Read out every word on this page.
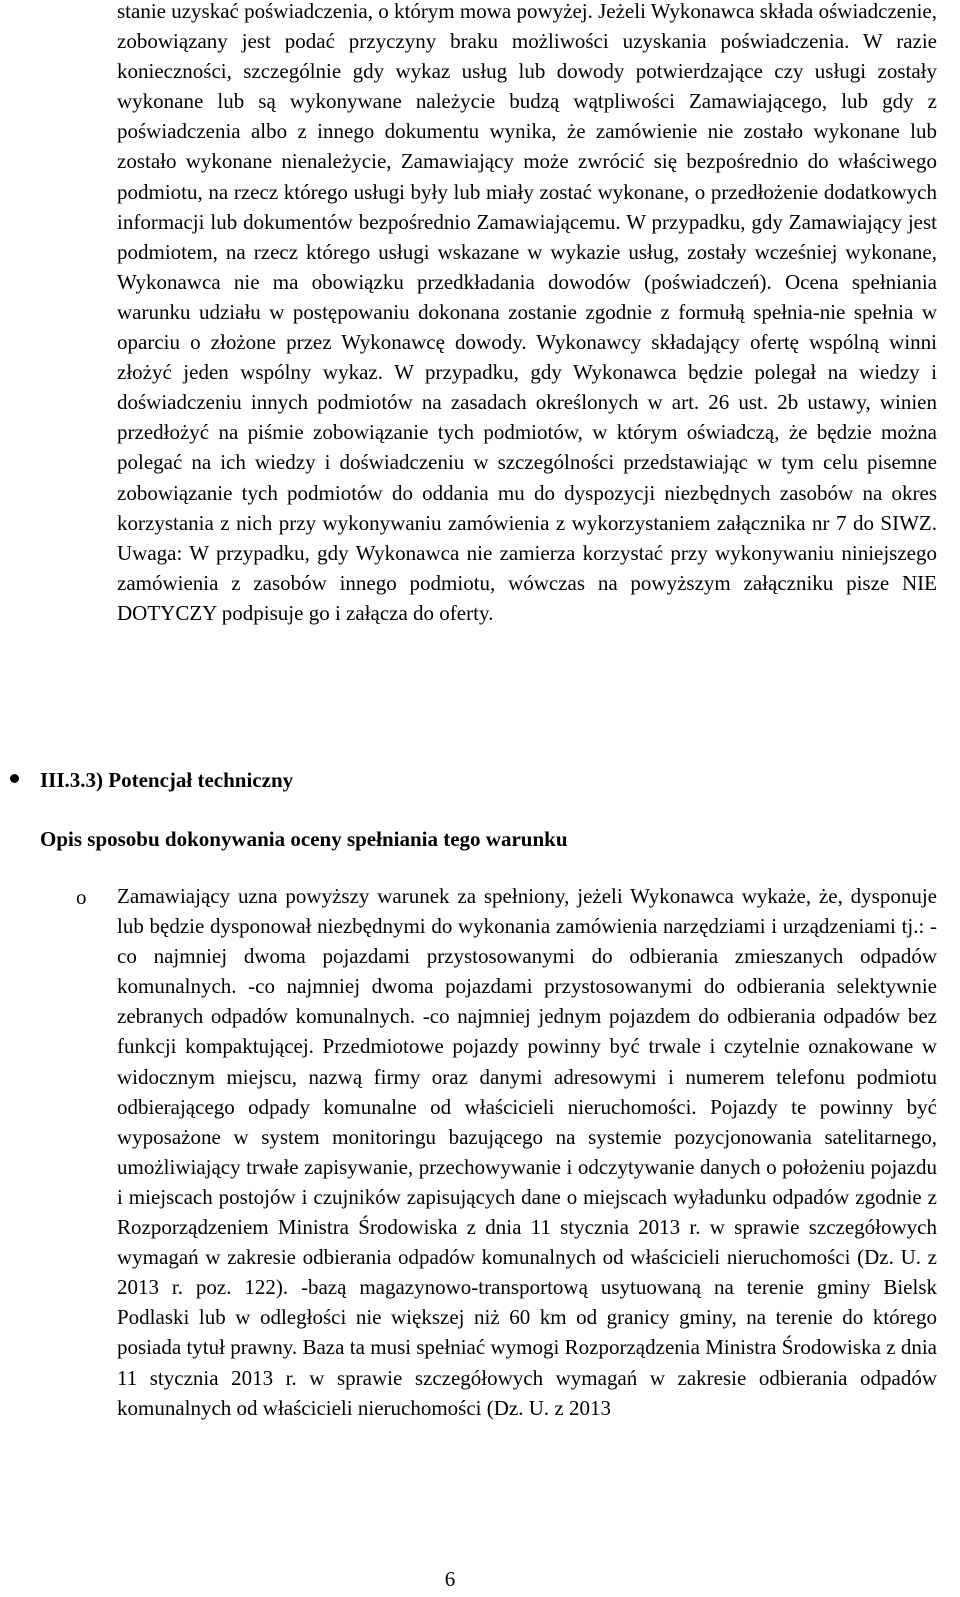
stanie uzyskać poświadczenia, o którym mowa powyżej. Jeżeli Wykonawca składa oświadczenie, zobowiązany jest podać przyczyny braku możliwości uzyskania poświadczenia. W razie konieczności, szczególnie gdy wykaz usług lub dowody potwierdzające czy usługi zostały wykonane lub są wykonywane należycie budzą wątpliwości Zamawiającego, lub gdy z poświadczenia albo z innego dokumentu wynika, że zamówienie nie zostało wykonane lub zostało wykonane nienależycie, Zamawiający może zwrócić się bezpośrednio do właściwego podmiotu, na rzecz którego usługi były lub miały zostać wykonane, o przedłożenie dodatkowych informacji lub dokumentów bezpośrednio Zamawiającemu. W przypadku, gdy Zamawiający jest podmiotem, na rzecz którego usługi wskazane w wykazie usług, zostały wcześniej wykonane, Wykonawca nie ma obowiązku przedkładania dowodów (poświadczeń). Ocena spełniania warunku udziału w postępowaniu dokonana zostanie zgodnie z formułą spełnia-nie spełnia w oparciu o złożone przez Wykonawcę dowody. Wykonawcy składający ofertę wspólną winni złożyć jeden wspólny wykaz. W przypadku, gdy Wykonawca będzie polegał na wiedzy i doświadczeniu innych podmiotów na zasadach określonych w art. 26 ust. 2b ustawy, winien przedłożyć na piśmie zobowiązanie tych podmiotów, w którym oświadczą, że będzie można polegać na ich wiedzy i doświadczeniu w szczególności przedstawiając w tym celu pisemne zobowiązanie tych podmiotów do oddania mu do dyspozycji niezbędnych zasobów na okres korzystania z nich przy wykonywaniu zamówienia z wykorzystaniem załącznika nr 7 do SIWZ. Uwaga: W przypadku, gdy Wykonawca nie zamierza korzystać przy wykonywaniu niniejszego zamówienia z zasobów innego podmiotu, wówczas na powyższym załączniku pisze NIE DOTYCZY podpisuje go i załącza do oferty.

III.3.3) Potencjał techniczny
Opis sposobu dokonywania oceny spełniania tego warunku
o Zamawiający uzna powyższy warunek za spełniony, jeżeli Wykonawca wykaże, że, dysponuje lub będzie dysponował niezbędnymi do wykonania zamówienia narzędziami i urządzeniami tj.: -co najmniej dwoma pojazdami przystosowanymi do odbierania zmieszanych odpadów komunalnych. -co najmniej dwoma pojazdami przystosowanymi do odbierania selektywnie zebranych odpadów komunalnych. -co najmniej jednym pojazdem do odbierania odpadów bez funkcji kompaktującej. Przedmiotowe pojazdy powinny być trwale i czytelnie oznakowane w widocznym miejscu, nazwą firmy oraz danymi adresowymi i numerem telefonu podmiotu odbierającego odpady komunalne od właścicieli nieruchomości. Pojazdy te powinny być wyposażone w system monitoringu bazującego na systemie pozycjonowania satelitarnego, umożliwiający trwałe zapisywanie, przechowywanie i odczytywanie danych o położeniu pojazdu i miejscach postojów i czujników zapisujących dane o miejscach wyładunku odpadów zgodnie z Rozporządzeniem Ministra Środowiska z dnia 11 stycznia 2013 r. w sprawie szczegółowych wymagań w zakresie odbierania odpadów komunalnych od właścicieli nieruchomości (Dz. U. z 2013 r. poz. 122). -bazą magazynowo-transportową usytuowaną na terenie gminy Bielsk Podlaski lub w odległości nie większej niż 60 km od granicy gminy, na terenie do którego posiada tytuł prawny. Baza ta musi spełniać wymogi Rozporządzenia Ministra Środowiska z dnia 11 stycznia 2013 r. w sprawie szczegółowych wymagań w zakresie odbierania odpadów komunalnych od właścicieli nieruchomości (Dz. U. z 2013

6
